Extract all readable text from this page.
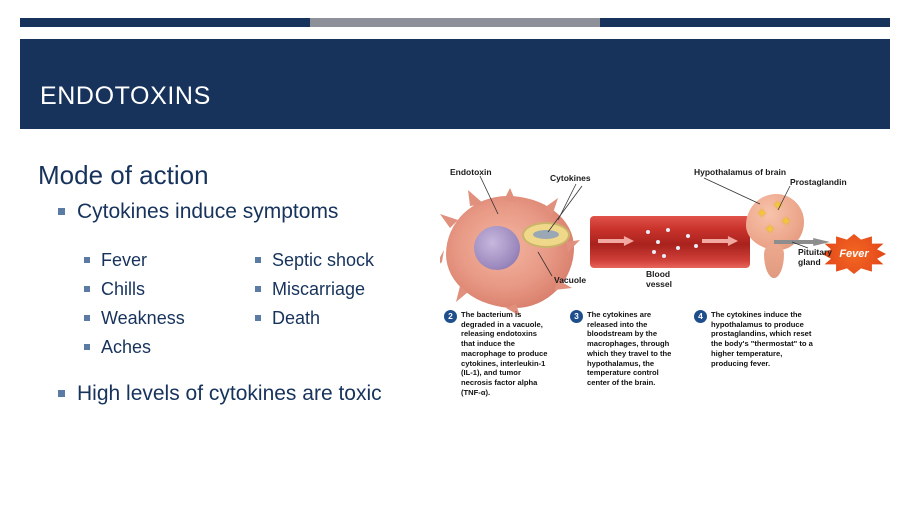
ENDOTOXINS
Mode of action
Cytokines induce symptoms
Fever
Chills
Weakness
Aches
Septic shock
Miscarriage
Death
High levels of cytokines are toxic
✦ ✦
✦
✦
Fever
Endotoxin
Cytokines
Hypothalamus of brain
Prostaglandin
Blood
vessel
Vacuole
Pituitary
gland
2	The bacterium is degraded in a vacuole, releasing endotoxins that induce the macrophage to produce cytokines, interleukin-1 (IL-1), and tumor necrosis factor alpha (TNF-α).
3	The cytokines are released into the bloodstream by the macrophages, through which they travel to the hypothalamus, the temperature control center of the brain.
4	The cytokines induce the hypothalamus to produce prostaglandins, which reset the body's "thermostat" to a higher temperature, producing fever.
